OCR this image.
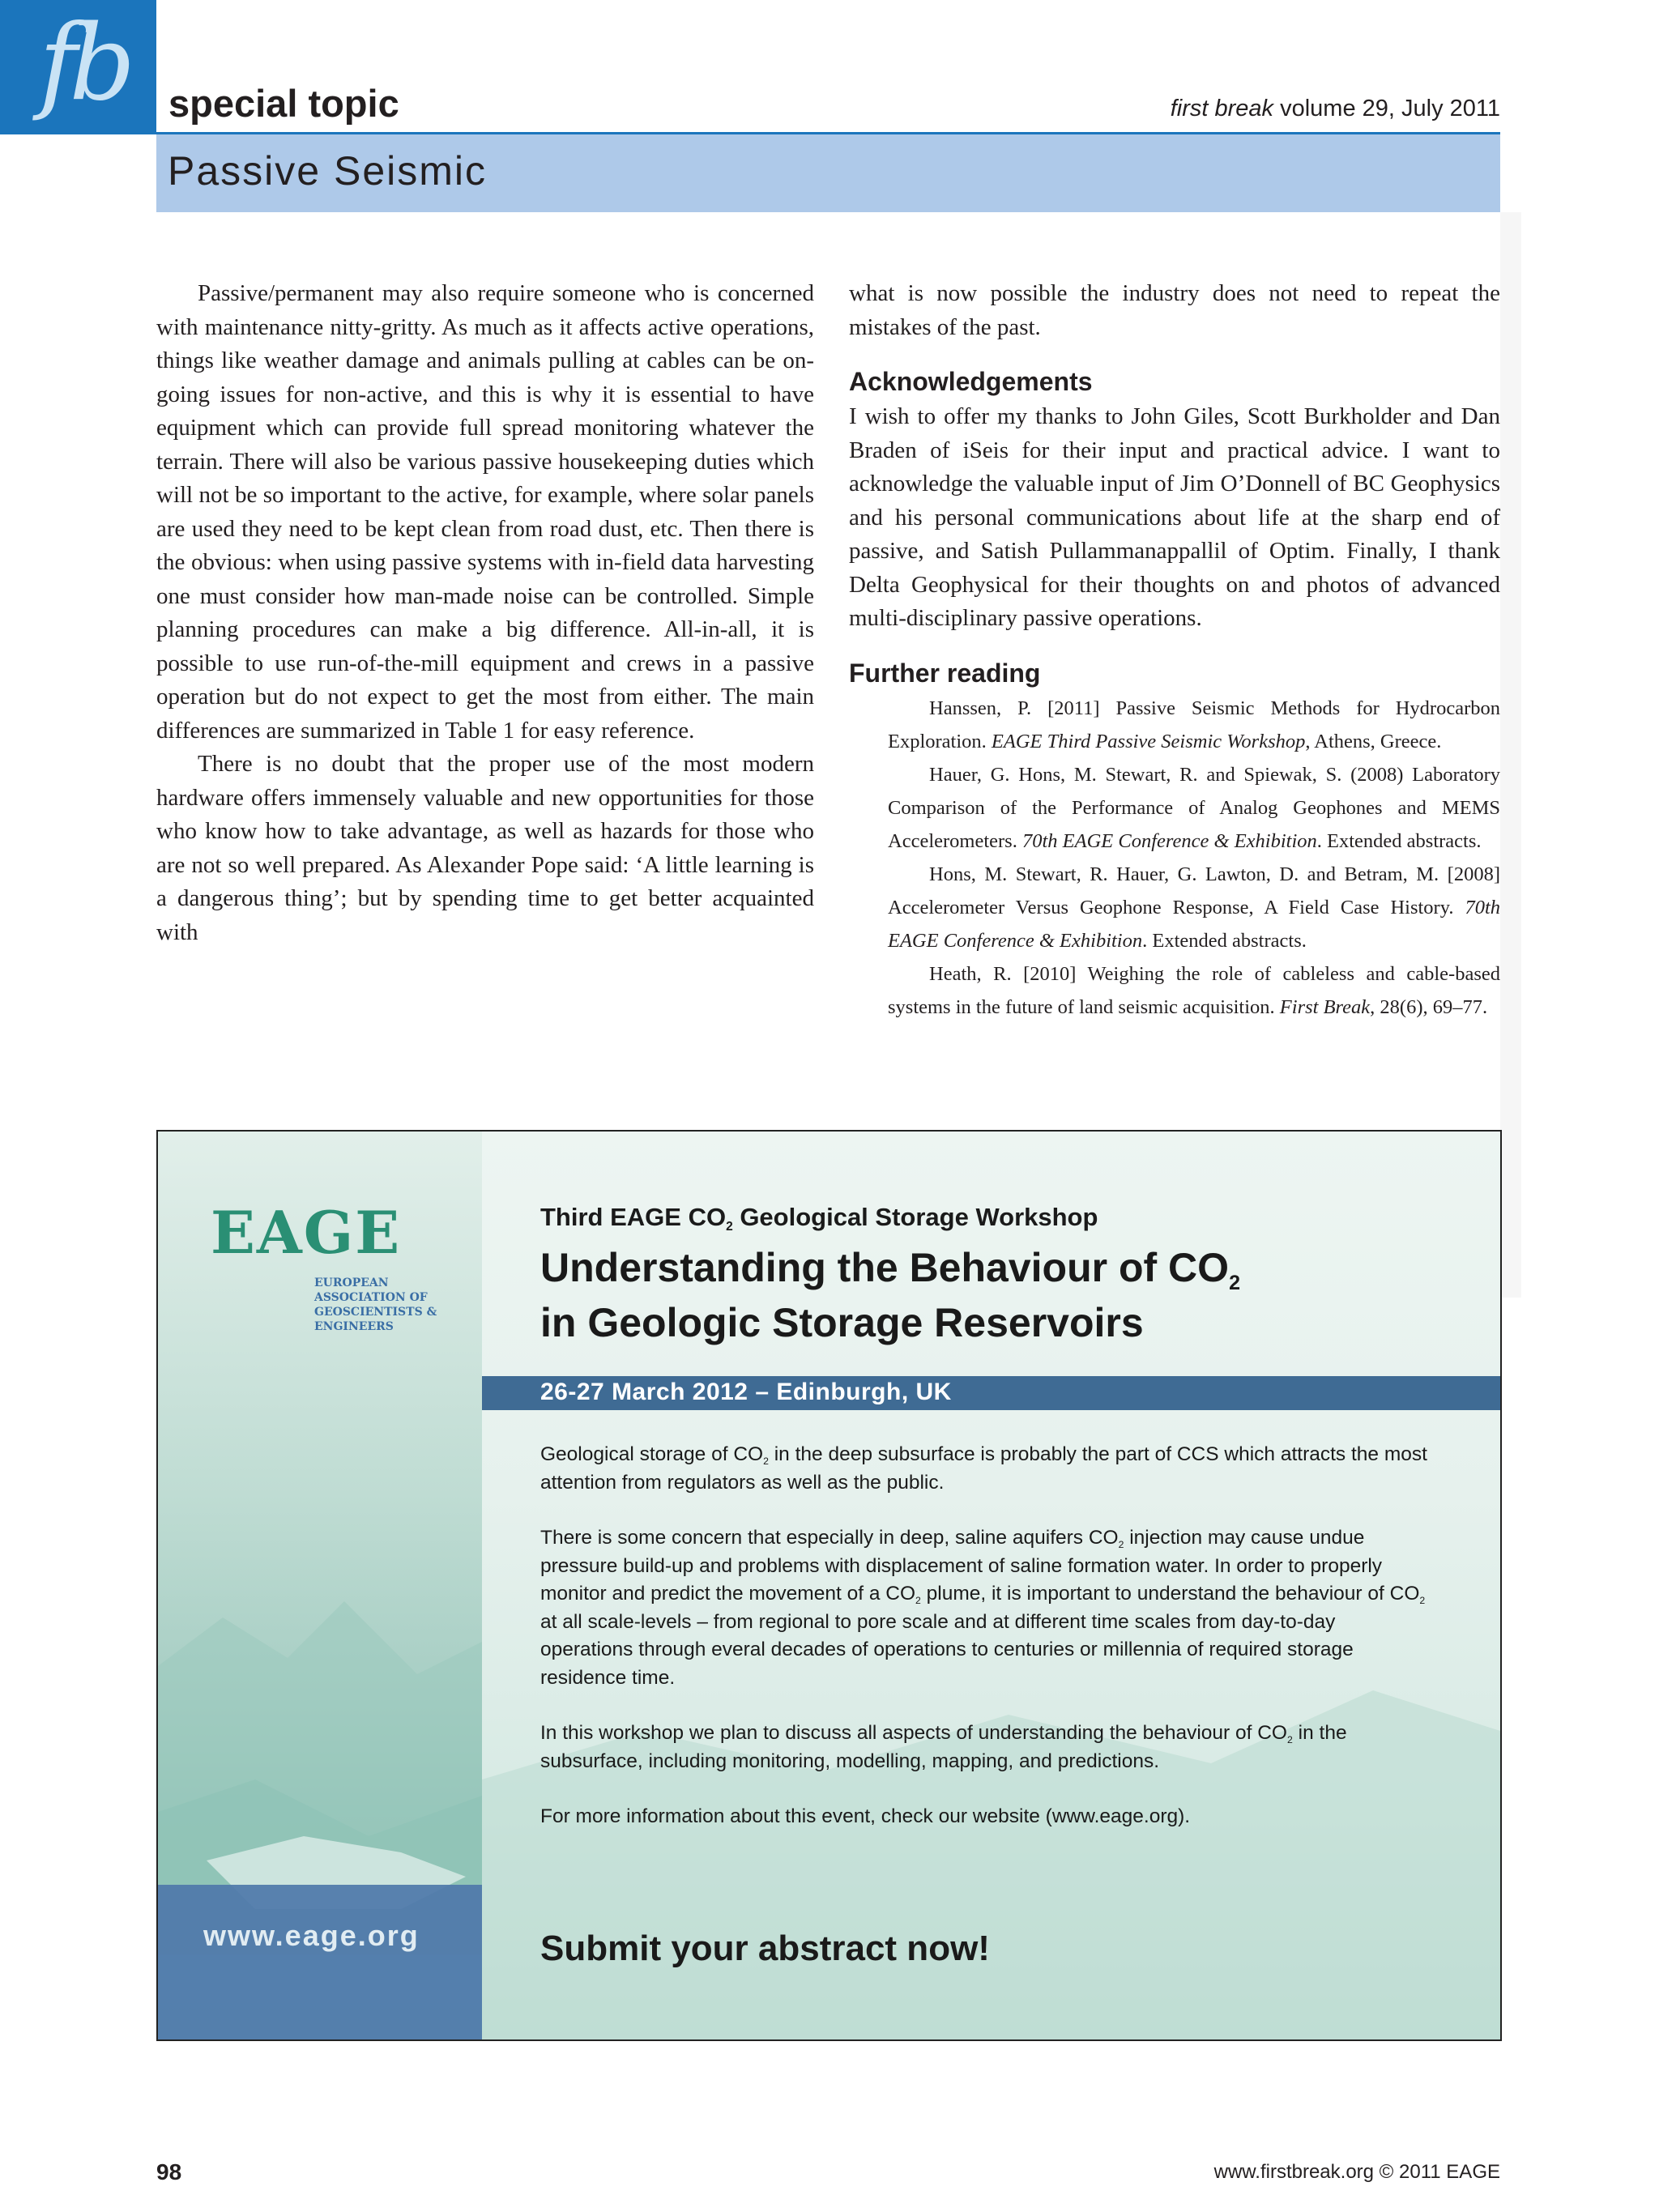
fb special topic	first break volume 29, July 2011
Passive Seismic

Passive/permanent may also require someone who is concerned with maintenance nitty-gritty. As much as it affects active operations, things like weather damage and animals pulling at cables can be on-going issues for non-active, and this is why it is essential to have equipment which can provide full spread monitoring whatever the terrain. There will also be various passive housekeeping duties which will not be so important to the active, for example, where solar panels are used they need to be kept clean from road dust, etc. Then there is the obvious: when using passive systems with in-field data harvesting one must consider how man-made noise can be controlled. Simple planning procedures can make a big difference. All-in-all, it is possible to use run-of-the-mill equipment and crews in a passive operation but do not expect to get the most from either. The main differences are summarized in Table 1 for easy reference.

There is no doubt that the proper use of the most modern hardware offers immensely valuable and new opportunities for those who know how to take advantage, as well as hazards for those who are not so well prepared. As Alexander Pope said: ‘A little learning is a dangerous thing’; but by spending time to get better acquainted with

what is now possible the industry does not need to repeat the mistakes of the past.

Acknowledgements

I wish to offer my thanks to John Giles, Scott Burkholder and Dan Braden of iSeis for their input and practical advice. I want to acknowledge the valuable input of Jim O’Donnell of BC Geophysics and his personal communications about life at the sharp end of passive, and Satish Pullammanappallil of Optim. Finally, I thank Delta Geophysical for their thoughts on and photos of advanced multi-disciplinary passive operations.

Further reading

Hanssen, P. [2011] Passive Seismic Methods for Hydrocarbon Exploration. EAGE Third Passive Seismic Workshop, Athens, Greece.

Hauer, G. Hons, M. Stewart, R. and Spiewak, S. (2008) Laboratory Comparison of the Performance of Analog Geophones and MEMS Accelerometers. 70th EAGE Conference & Exhibition. Extended abstracts.

Hons, M. Stewart, R. Hauer, G. Lawton, D. and Betram, M. [2008] Accelerometer Versus Geophone Response, A Field Case History. 70th EAGE Conference & Exhibition. Extended abstracts.

Heath, R. [2010] Weighing the role of cableless and cable-based systems in the future of land seismic acquisition. First Break, 28(6), 69–77.

EAGE
EUROPEAN
ASSOCIATION OF
GEOSCIENTISTS &
ENGINEERS
www.eage.org
Third EAGE $CO_2$ Geological Storage Workshop
Understanding the Behaviour of $CO_2$
in Geologic Storage Reservoirs
26-27 March 2012 – Edinburgh, UK

Geological storage of $CO_2$ in the deep subsurface is probably the part of CCS which attracts the most attention from regulators as well as the public.

There is some concern that especially in deep, saline aquifers $CO_2$ injection may cause undue pressure build-up and problems with displacement of saline formation water. In order to properly monitor and predict the movement of a $CO_2$ plume, it is important to understand the behaviour of $CO_2$ at all scale-levels – from regional to pore scale and at different time scales from day-to-day operations through everal decades of operations to centuries or millennia of required storage residence time.

In this workshop we plan to discuss all aspects of understanding the behaviour of $CO_2$ in the subsurface, including monitoring, modelling, mapping, and predictions.

For more information about this event, check our website (www.eage.org).

Submit your abstract now!
98	www.firstbreak.org © 2011 EAGE
